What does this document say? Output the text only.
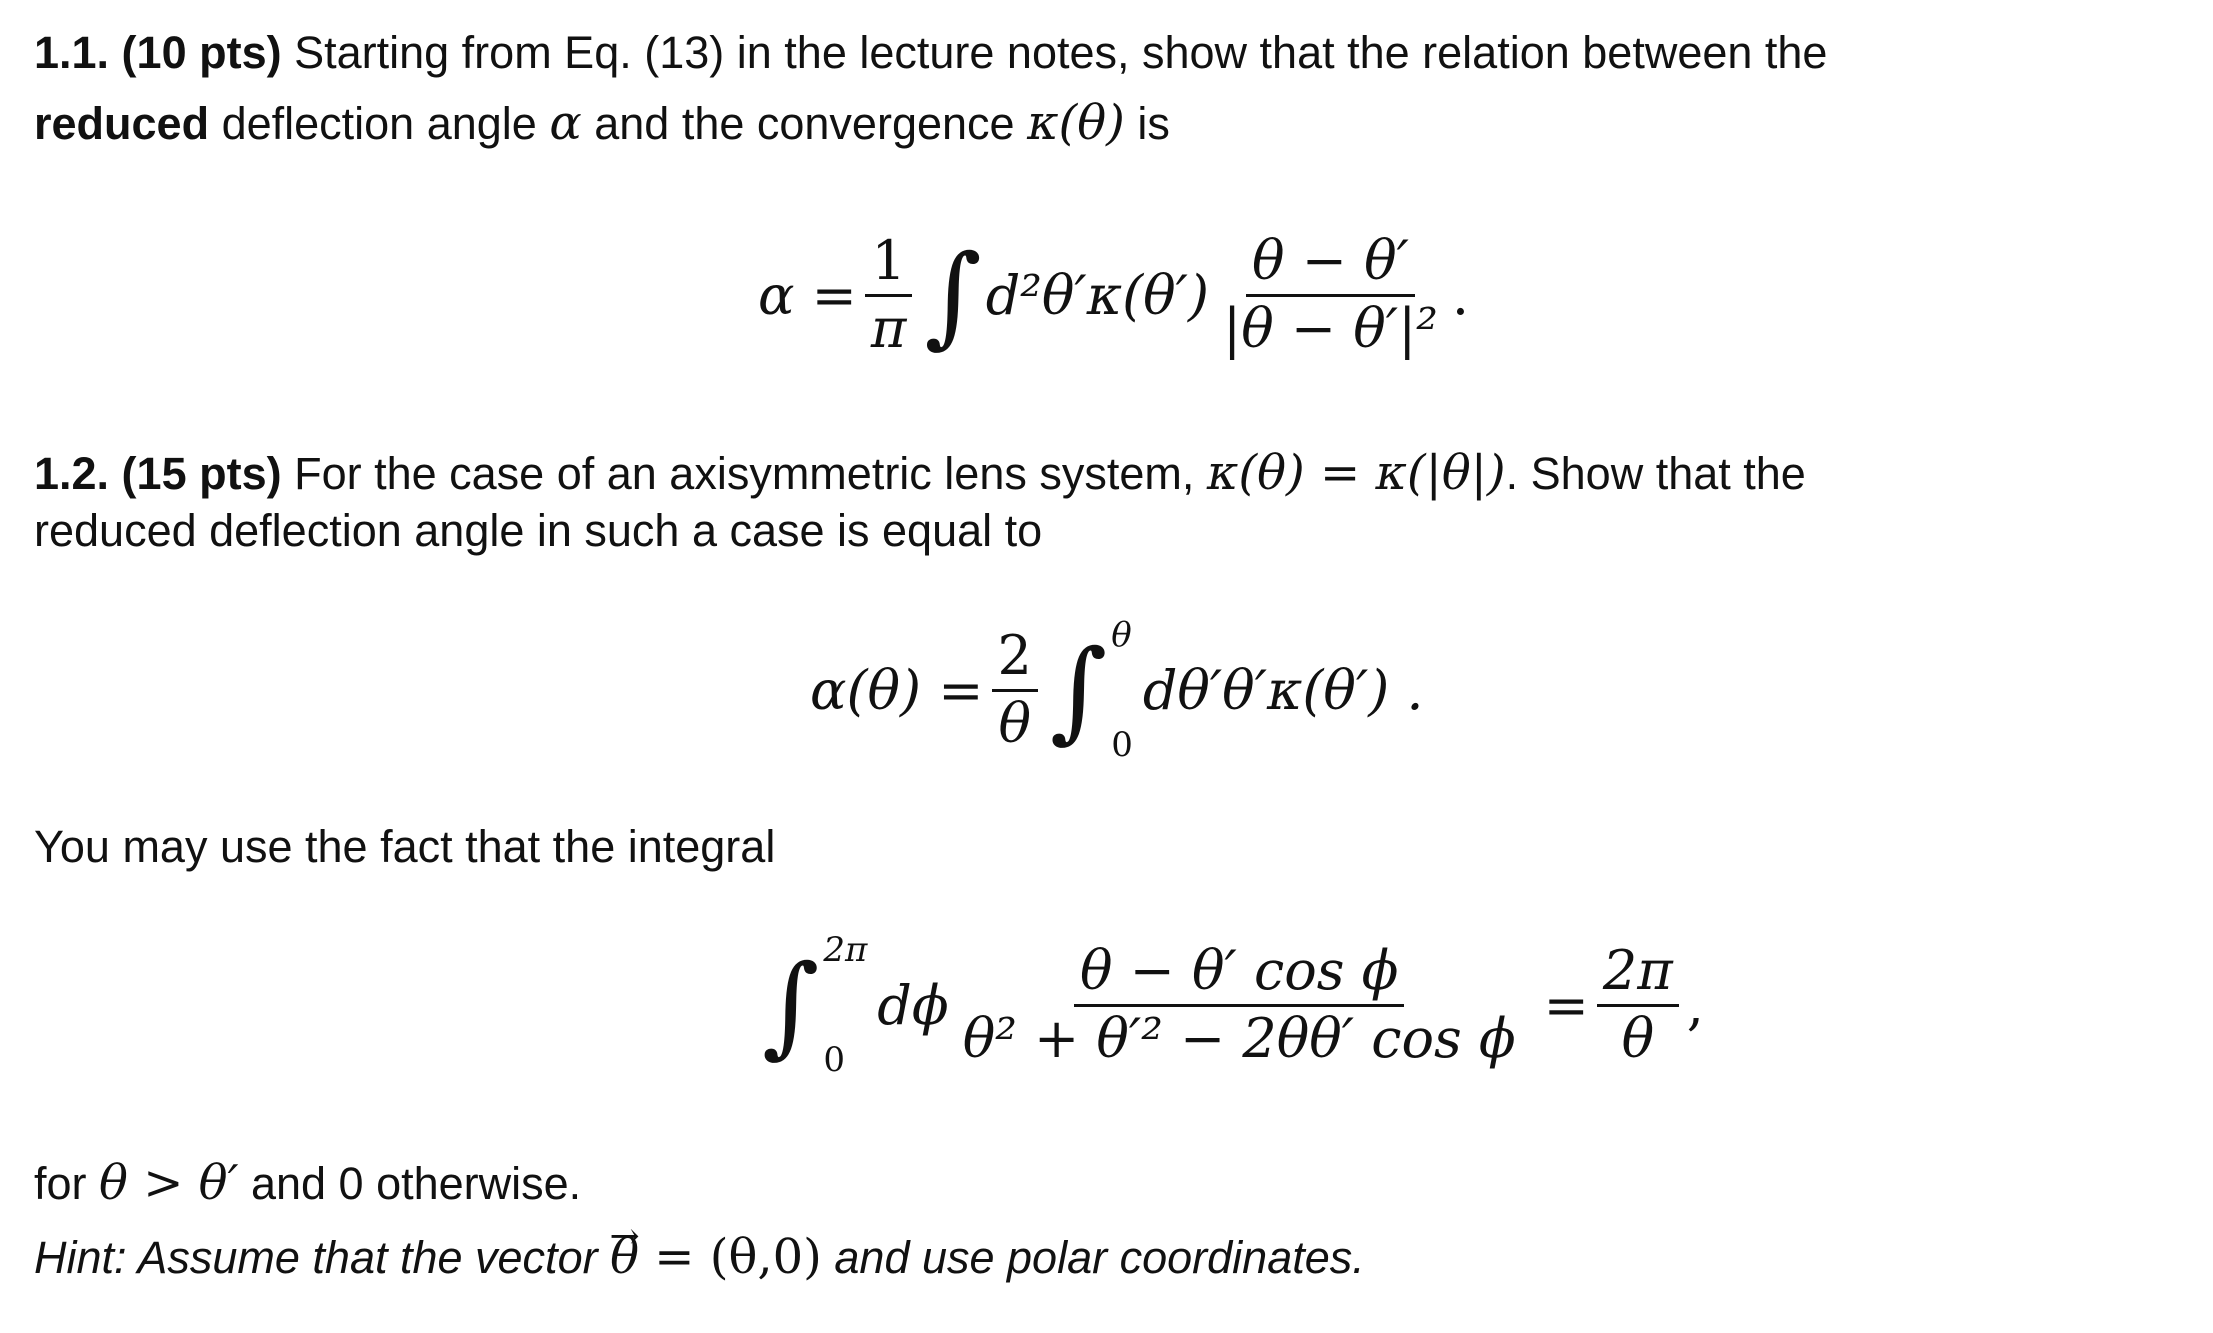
1.1. (10 pts) Starting from Eq. (13) in the lecture notes, show that the relation between the

reduced deflection angle α and the convergence κ(θ) is

$\alpha = \frac{1}{\pi}$ ∫ $d^2\theta'\kappa(\theta') \frac{\theta - \theta'}{\text{|θ − θ′|²}}$ .

1.2. (15 pts) For the case of an axisymmetric lens system, κ(θ) = κ(|θ|). Show that the

reduced deflection angle in such a case is equal to

$\alpha(\theta) = \frac{2}{\theta}$ ∫ θ
0
dθ′θ′κ(θ′) .

You may use the fact that the integral

∫ 2π
0
dϕ $\frac{\text{θ − θ′ cos ϕ}}{\text{θ² + θ′² − 2θθ′ cos ϕ}} = \frac{2\pi}{\theta}$ ,

for θ > θ′ and 0 otherwise.

Hint: Assume that the vector → θ = (θ,0) and use polar coordinates.
